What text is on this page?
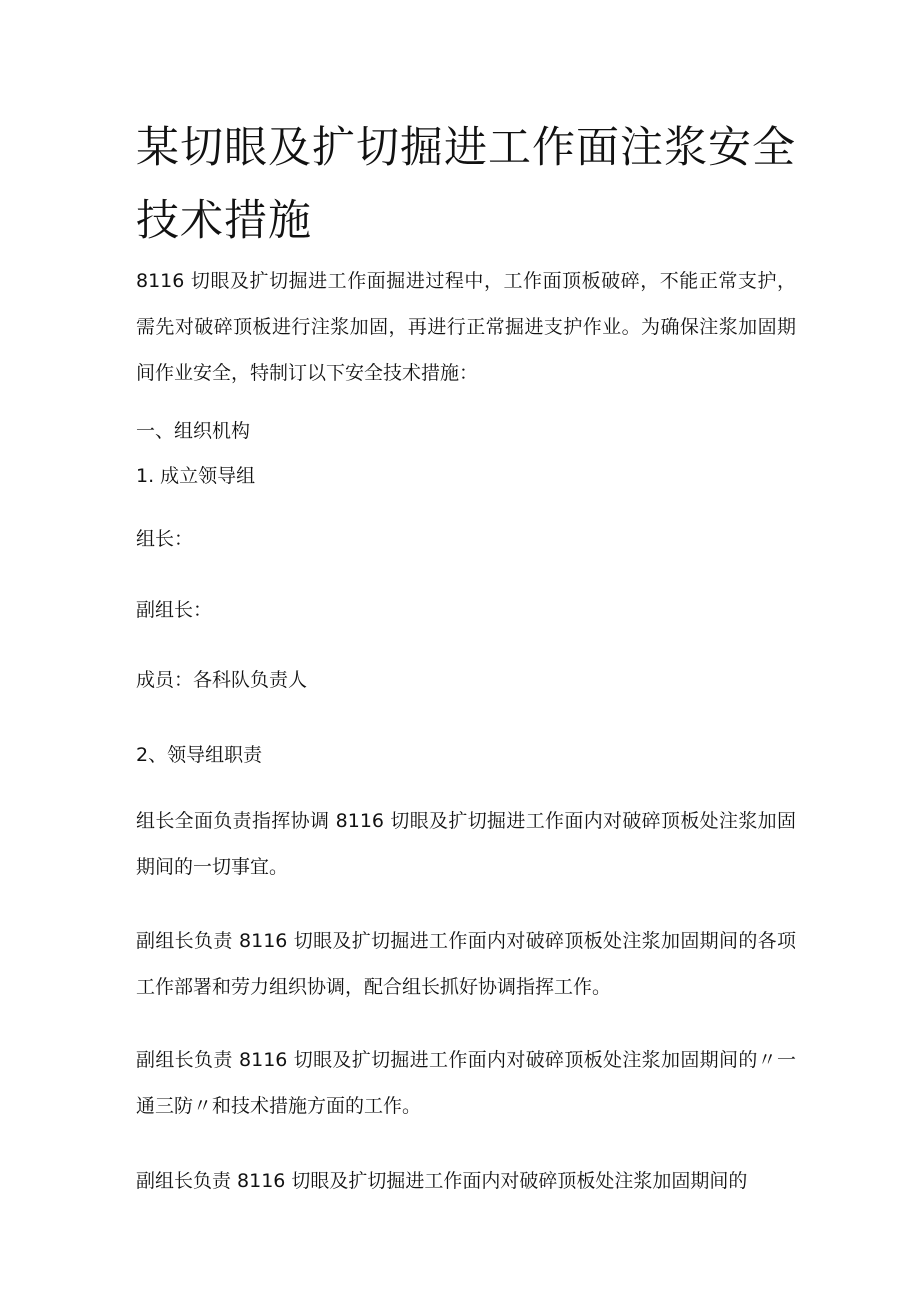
某切眼及扩切掘进工作面注浆安全技术措施

8116 切眼及扩切掘进工作面掘进过程中，工作面顶板破碎，不能正常支护，需先对破碎顶板进行注浆加固，再进行正常掘进支护作业。为确保注浆加固期间作业安全，特制订以下安全技术措施：

一、组织机构

1. 成立领导组

组长：

副组长：

成员：各科队负责人

2、领导组职责

组长全面负责指挥协调 8116 切眼及扩切掘进工作面内对破碎顶板处注浆加固期间的一切事宜。

副组长负责 8116 切眼及扩切掘进工作面内对破碎顶板处注浆加固期间的各项工作部署和劳力组织协调，配合组长抓好协调指挥工作。

副组长负责 8116 切眼及扩切掘进工作面内对破碎顶板处注浆加固期间的〃一通三防〃和技术措施方面的工作。

副组长负责 8116 切眼及扩切掘进工作面内对破碎顶板处注浆加固期间的
